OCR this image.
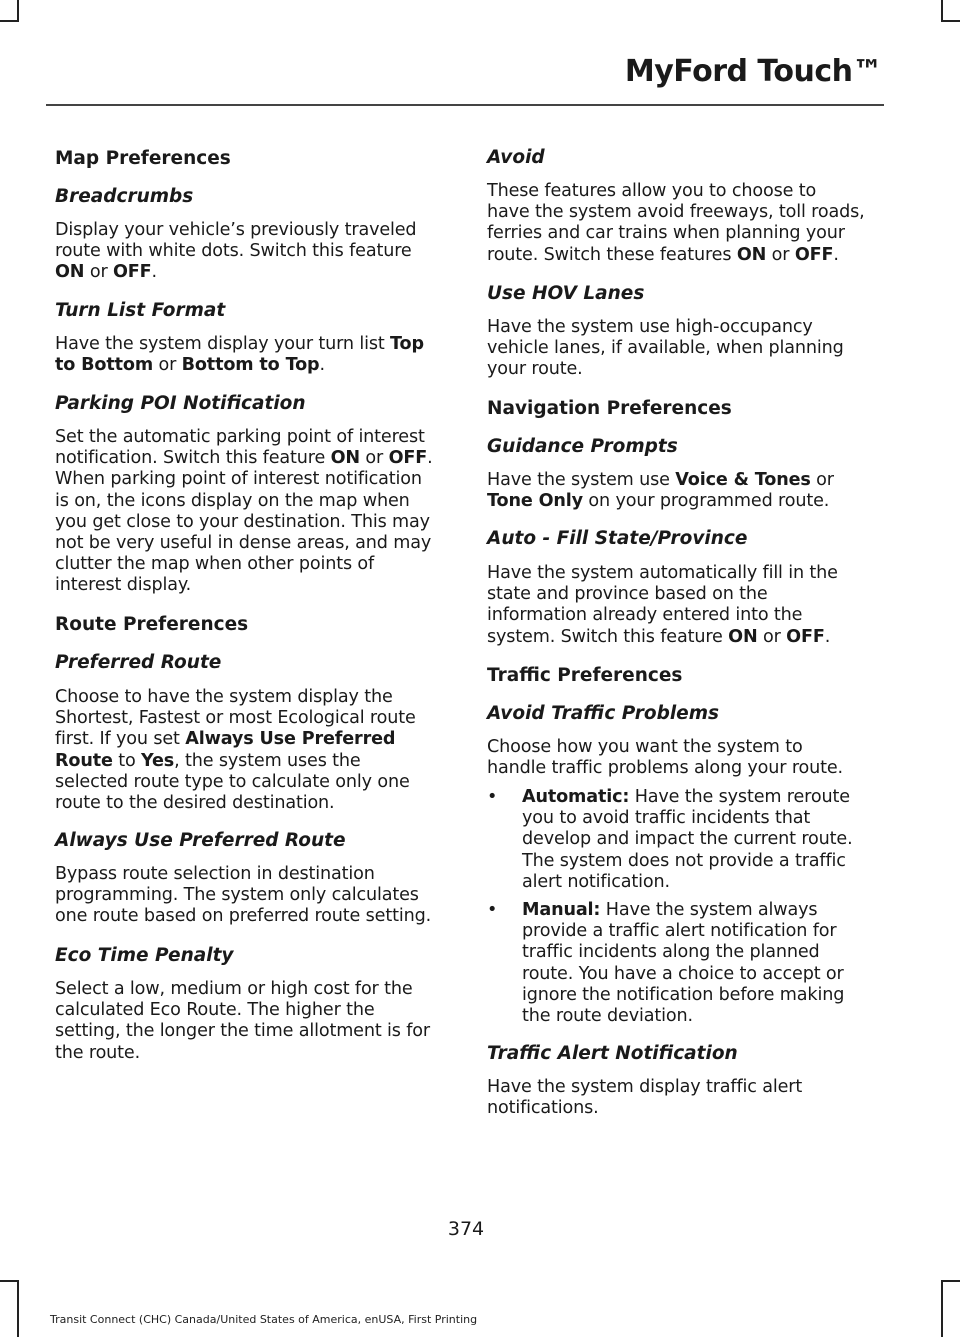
MyFord Touch™
Map Preferences
Breadcrumbs
Display your vehicle’s previously traveled
route with white dots. Switch this feature
ON or OFF.
Turn List Format
Have the system display your turn list Top
to Bottom or Bottom to Top.
Parking POI Notification
Set the automatic parking point of interest
notification. Switch this feature ON or OFF.
When parking point of interest notification
is on, the icons display on the map when
you get close to your destination. This may
not be very useful in dense areas, and may
clutter the map when other points of
interest display.
Route Preferences
Preferred Route
Choose to have the system display the
Shortest, Fastest or most Ecological route
first. If you set Always Use Preferred
Route to Yes, the system uses the
selected route type to calculate only one
route to the desired destination.
Always Use Preferred Route
Bypass route selection in destination
programming. The system only calculates
one route based on preferred route setting.
Eco Time Penalty
Select a low, medium or high cost for the
calculated Eco Route. The higher the
setting, the longer the time allotment is for
the route.
Avoid
These features allow you to choose to
have the system avoid freeways, toll roads,
ferries and car trains when planning your
route. Switch these features ON or OFF.
Use HOV Lanes
Have the system use high-occupancy
vehicle lanes, if available, when planning
your route.
Navigation Preferences
Guidance Prompts
Have the system use Voice & Tones or
Tone Only on your programmed route.
Auto - Fill State/Province
Have the system automatically fill in the
state and province based on the
information already entered into the
system. Switch this feature ON or OFF.
Traffic Preferences
Avoid Traffic Problems
Choose how you want the system to
handle traffic problems along your route.
• Automatic: Have the system reroute
you to avoid traffic incidents that
develop and impact the current route.
The system does not provide a traffic
alert notification.
• Manual: Have the system always
provide a traffic alert notification for
traffic incidents along the planned
route. You have a choice to accept or
ignore the notification before making
the route deviation.
Traffic Alert Notification
Have the system display traffic alert
notifications.
374
Transit Connect (CHC) Canada/United States of America, enUSA, First Printing
